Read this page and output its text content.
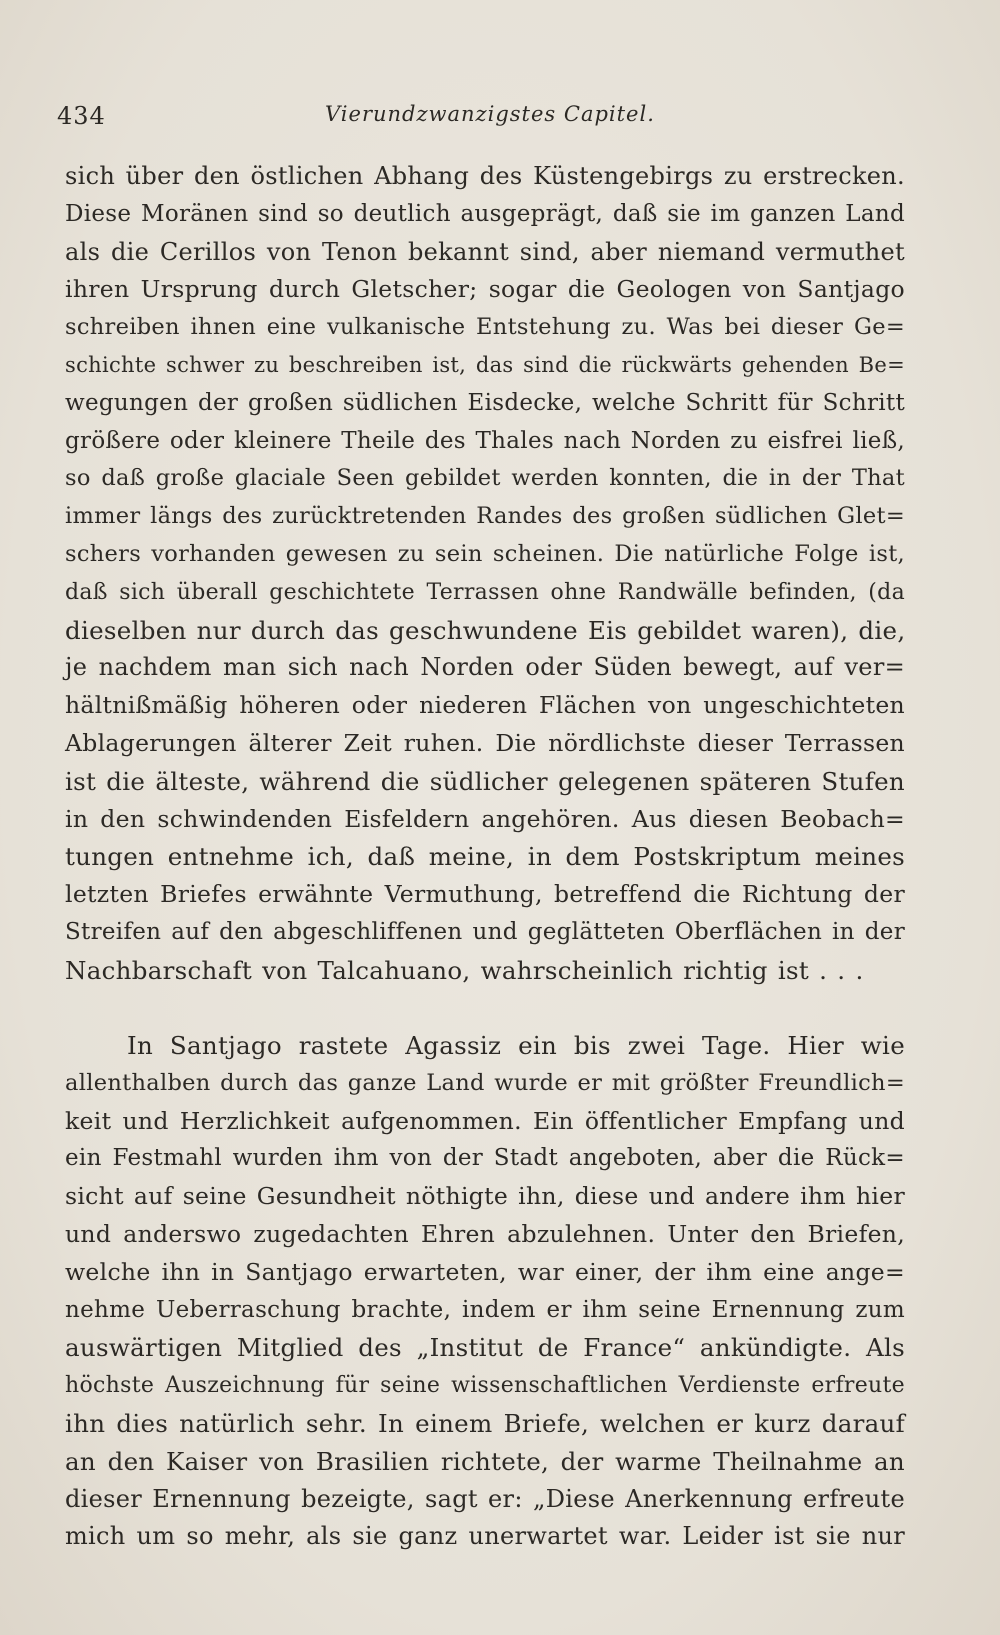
434	Vierundzwanzigstes Capitel.
sich über den östlichen Abhang des Küstengebirgs zu erstrecken.
Diese Moränen sind so deutlich ausgeprägt, daß sie im ganzen Land
als die Cerillos von Tenon bekannt sind, aber niemand vermuthet
ihren Ursprung durch Gletscher; sogar die Geologen von Santjago
schreiben ihnen eine vulkanische Entstehung zu. Was bei dieser Ge=
schichte schwer zu beschreiben ist, das sind die rückwärts gehenden Be=
wegungen der großen südlichen Eisdecke, welche Schritt für Schritt
größere oder kleinere Theile des Thales nach Norden zu eisfrei ließ,
so daß große glaciale Seen gebildet werden konnten, die in der That
immer längs des zurücktretenden Randes des großen südlichen Glet=
schers vorhanden gewesen zu sein scheinen. Die natürliche Folge ist,
daß sich überall geschichtete Terrassen ohne Randwälle befinden, (da
dieselben nur durch das geschwundene Eis gebildet waren), die,
je nachdem man sich nach Norden oder Süden bewegt, auf ver=
hältnißmäßig höheren oder niederen Flächen von ungeschichteten
Ablagerungen älterer Zeit ruhen. Die nördlichste dieser Terrassen
ist die älteste, während die südlicher gelegenen späteren Stufen
in den schwindenden Eisfeldern angehören. Aus diesen Beobach=
tungen entnehme ich, daß meine, in dem Postskriptum meines
letzten Briefes erwähnte Vermuthung, betreffend die Richtung der
Streifen auf den abgeschliffenen und geglätteten Oberflächen in der
Nachbarschaft von Talcahuano, wahrscheinlich richtig ist . . .
In Santjago rastete Agassiz ein bis zwei Tage. Hier wie
allenthalben durch das ganze Land wurde er mit größter Freundlich=
keit und Herzlichkeit aufgenommen. Ein öffentlicher Empfang und
ein Festmahl wurden ihm von der Stadt angeboten, aber die Rück=
sicht auf seine Gesundheit nöthigte ihn, diese und andere ihm hier
und anderswo zugedachten Ehren abzulehnen. Unter den Briefen,
welche ihn in Santjago erwarteten, war einer, der ihm eine ange=
nehme Ueberraschung brachte, indem er ihm seine Ernennung zum
auswärtigen Mitglied des „Institut de France“ ankündigte. Als
höchste Auszeichnung für seine wissenschaftlichen Verdienste erfreute
ihn dies natürlich sehr. In einem Briefe, welchen er kurz darauf
an den Kaiser von Brasilien richtete, der warme Theilnahme an
dieser Ernennung bezeigte, sagt er: „Diese Anerkennung erfreute
mich um so mehr, als sie ganz unerwartet war. Leider ist sie nur
